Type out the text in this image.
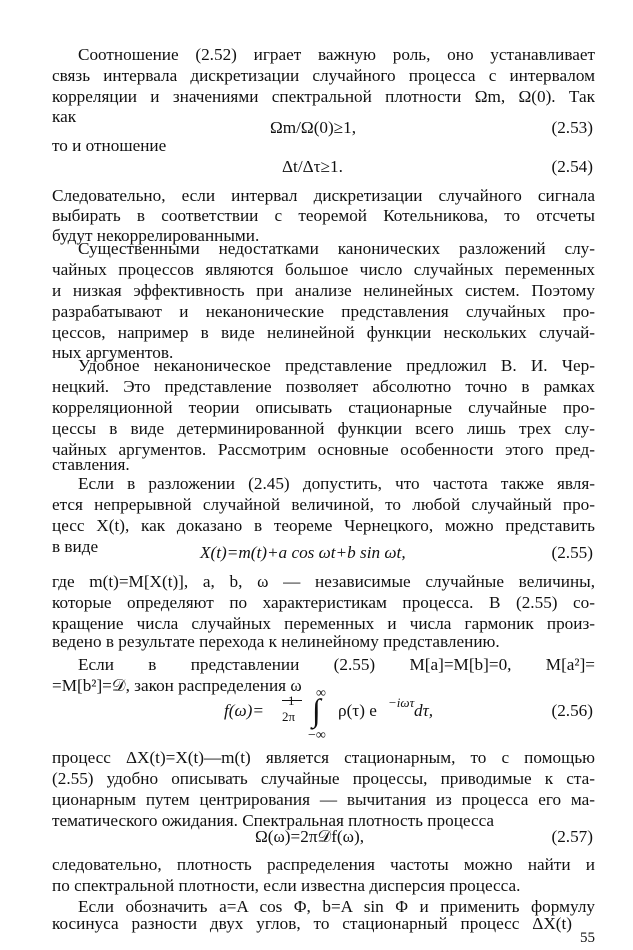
Соотношение (2.52) играет важную роль, оно устанавливает
связь интервала дискретизации случайного процесса с интервалом
корреляции и значениями спектральной плотности Ωm, Ω(0). Так
как
Ωm/Ω(0)≥1,	(2.53)
то и отношение
Δt/Δτ≥1.	(2.54)
Следовательно, если интервал дискретизации случайного сигнала
выбирать в соответствии с теоремой Котельникова, то отсчеты
будут некоррелированными.
Существенными недостатками канонических разложений слу-
чайных процессов являются большое число случайных переменных
и низкая эффективность при анализе нелинейных систем. Поэтому
разрабатывают и неканонические представления случайных про-
цессов, например в виде нелинейной функции нескольких случай-
ных аргументов.
Удобное неканоническое представление предложил В. И. Чер-
нецкий. Это представление позволяет абсолютно точно в рамках
корреляционной теории описывать стационарные случайные про-
цессы в виде детерминированной функции всего лишь трех слу-
чайных аргументов. Рассмотрим основные особенности этого пред-
ставления.
Если в разложении (2.45) допустить, что частота также явля-
ется непрерывной случайной величиной, то любой случайный про-
цесс X(t), как доказано в теореме Чернецкого, можно представить
в виде	X(t)=m(t)+a cos ωt+b sin ωt,	(2.55)
где m(t)=M[X(t)], a, b, ω — независимые случайные величины,
которые определяют по характеристикам процесса. В (2.55) со-
кращение числа случайных переменных и числа гармоник произ-
ведено в результате перехода к нелинейному представлению.
Если в представлении (2.55) M[a]=M[b]=0, M[a²]=
=M[b²]=𝒟, закон распределения ω
f(ω)=
1
2π
∞
∫
−∞
ρ(τ) e −iωτ dτ,	(2.56)
процесс ΔX(t)=X(t)—m(t) является стационарным, то с помощью
(2.55) удобно описывать случайные процессы, приводимые к ста-
ционарным путем центрирования — вычитания из процесса его ма-
тематического ожидания. Спектральная плотность процесса
Ω(ω)=2π𝒟f(ω),	(2.57)
следовательно, плотность распределения частоты можно найти и
по спектральной плотности, если известна дисперсия процесса.
Если обозначить a=A cos Φ, b=A sin Φ и применить формулу
косинуса разности двух углов, то стационарный процесс ΔX(t)
55
